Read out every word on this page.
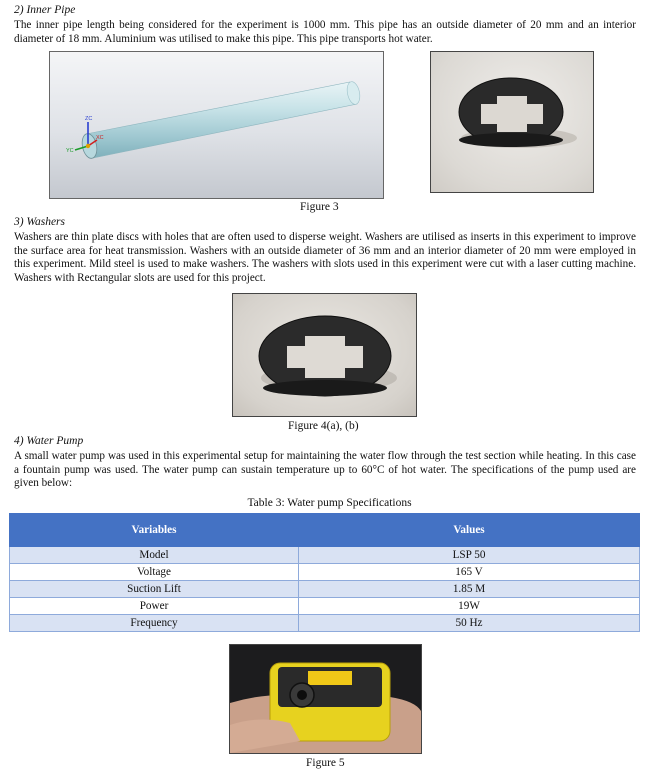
2) Inner Pipe

The inner pipe length being considered for the experiment is 1000 mm. This pipe has an outside diameter of 20 mm and an interior diameter of 18 mm. Aluminium was utilised to make this pipe. This pipe transports hot water.

ZC
YC
XC
Figure 3
3) Washers

Washers are thin plate discs with holes that are often used to disperse weight. Washers are utilised as inserts in this experiment to improve the surface area for heat transmission. Washers with an outside diameter of 36 mm and an interior diameter of 20 mm were employed in this experiment. Mild steel is used to make washers. The washers with slots used in this experiment were cut with a laser cutting machine. Washers with Rectangular slots are used for this project.

Figure 4(a), (b)
4) Water Pump

A small water pump was used in this experimental setup for maintaining the water flow through the test section while heating. In this case a fountain pump was used. The water pump can sustain temperature up to 60°C of hot water. The specifications of the pump used are given below:

Table 3: Water pump Specifications
Variables	Values
Model	LSP 50
Voltage	165 V
Suction Lift	1.85 M
Power	19W
Frequency	50 Hz
Figure 5
